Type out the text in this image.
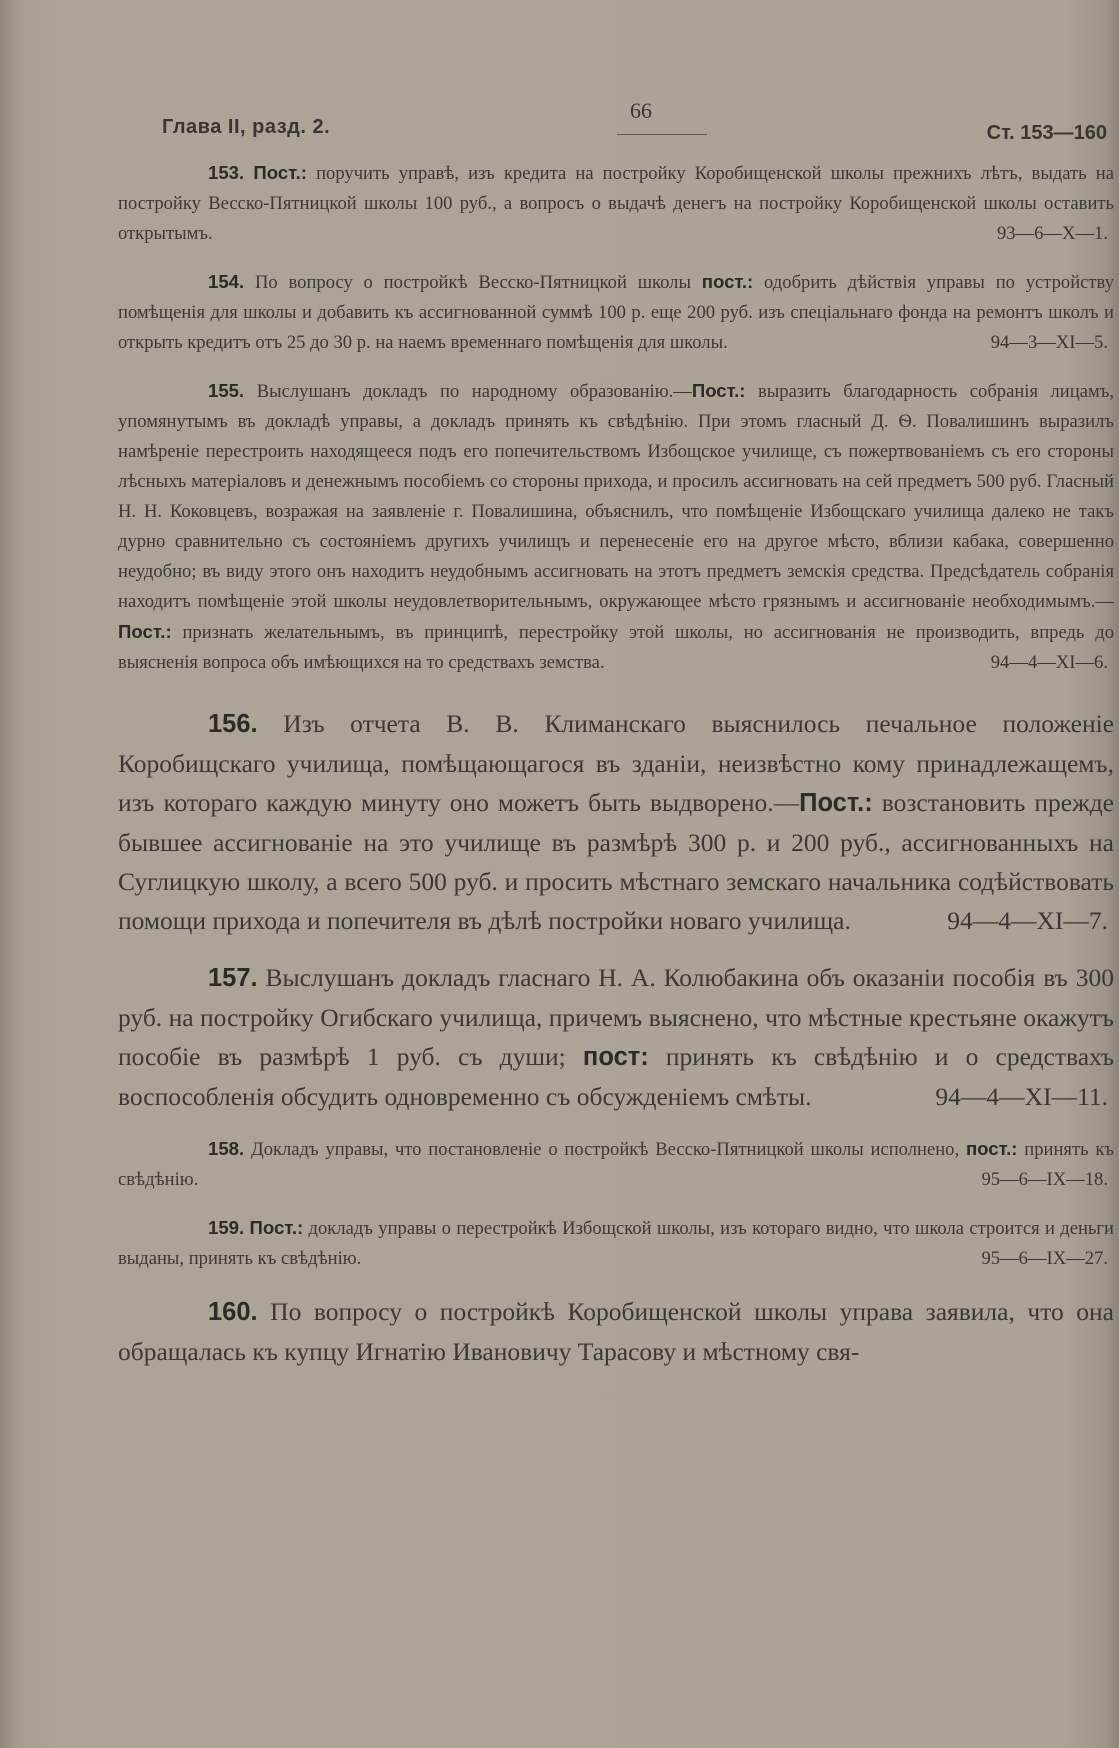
Глава II, разд. 2.
66
Ст. 153—160

153. Пост.: поручить управѣ, изъ кредита на постройку Коробищенской школы прежнихъ лѣтъ, выдать на постройку Весско-Пятницкой школы 100 руб., а вопросъ о выдачѣ денегъ на постройку Коробищенской школы оставить открытымъ.	93—6—X—1.

154. По вопросу о постройкѣ Весско-Пятницкой школы пост.: одобрить дѣйствія управы по устройству помѣщенія для школы и добавить къ ассигнованной суммѣ 100 р. еще 200 руб. изъ спеціальнаго фонда на ремонтъ школъ и открыть кредитъ отъ 25 до 30 р. на наемъ временнаго помѣщенія для школы.	94—3—XI—5.

155. Выслушанъ докладъ по народному образованію.—Пост.: выразить благодарность собранія лицамъ, упомянутымъ въ докладѣ управы, а докладъ принять къ свѣдѣнію. При этомъ гласный Д. Ѳ. Повалишинъ выразилъ намѣреніе перестроить находящееся подъ его попечительствомъ Избощское училище, съ пожертвованіемъ съ его стороны лѣсныхъ матеріаловъ и денежнымъ пособіемъ со стороны прихода, и просилъ ассигновать на сей предметъ 500 руб. Гласный Н. Н. Коковцевъ, возражая на заявленіе г. Повалишина, объяснилъ, что помѣщеніе Избощскаго училища далеко не такъ дурно сравнительно съ состояніемъ другихъ училищъ и перенесеніе его на другое мѣсто, вблизи кабака, совершенно неудобно; въ виду этого онъ находитъ неудобнымъ ассигновать на этотъ предметъ земскія средства. Предсѣдатель собранія находитъ помѣщеніе этой школы неудовлетворительнымъ, окружающее мѣсто грязнымъ и ассигнованіе необходимымъ.—Пост.: признать желательнымъ, въ принципѣ, перестройку этой школы, но ассигнованія не производить, впредь до выясненія вопроса объ имѣющихся на то средствахъ земства.	94—4—XI—6.

156. Изъ отчета В. В. Климанскаго выяснилось печальное положеніе Коробищскаго училища, помѣщающагося въ зданіи, неизвѣстно кому принадлежащемъ, изъ котораго каждую минуту оно можетъ быть выдворено.—Пост.: возстановить прежде бывшее ассигнованіе на это училище въ размѣрѣ 300 р. и 200 руб., ассигнованныхъ на Суглицкую школу, а всего 500 руб. и просить мѣстнаго земскаго начальника содѣйствовать помощи прихода и попечителя въ дѣлѣ постройки новаго училища.	94—4—XI—7.

157. Выслушанъ докладъ гласнаго Н. А. Колюбакина объ оказаніи пособія въ 300 руб. на постройку Огибскаго училища, причемъ выяснено, что мѣстные крестьяне окажутъ пособіе въ размѣрѣ 1 руб. съ души; пост: принять къ свѣдѣнію и о средствахъ воспособленія обсудить одновременно съ обсужденіемъ смѣты.	94—4—XI—11.

158. Докладъ управы, что постановленіе о постройкѣ Весско-Пятницкой школы исполнено, пост.: принять къ свѣдѣнію.	95—6—IX—18.

159. Пост.: докладъ управы о перестройкѣ Избощской школы, изъ котораго видно, что школа строится и деньги выданы, принять къ свѣдѣнію.	95—6—IX—27.

160. По вопросу о постройкѣ Коробищенской школы управа заявила, что она обращалась къ купцу Игнатію Ивановичу Тарасову и мѣстному свя-
